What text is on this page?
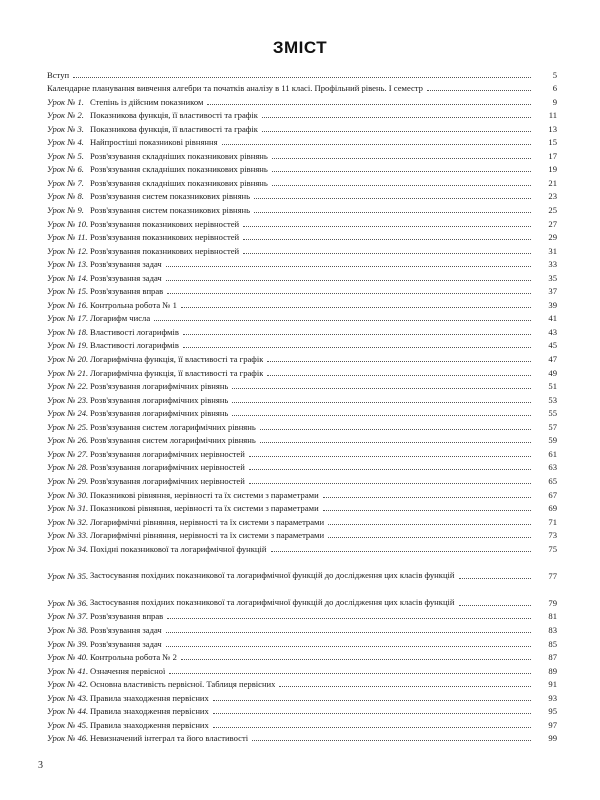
ЗМІСТ
Вступ	5
Календарне планування вивчення алгебри та початків аналізу в 11 класі. Профільний рівень. І семестр	6
Урок № 1. Степінь із дійсним показником	9
Урок № 2. Показникова функція, її властивості та графік	11
Урок № 3. Показникова функція, її властивості та графік	13
Урок № 4. Найпростіші показникові рівняння	15
Урок № 5. Розв'язування складніших показникових рівнянь	17
Урок № 6. Розв'язування складніших показникових рівнянь	19
Урок № 7. Розв'язування складніших показникових рівнянь	21
Урок № 8. Розв'язування систем показникових рівнянь	23
Урок № 9. Розв'язування систем показникових рівнянь	25
Урок № 10. Розв'язування показникових нерівностей	27
Урок № 11. Розв'язування показникових нерівностей	29
Урок № 12. Розв'язування показникових нерівностей	31
Урок № 13. Розв'язування задач	33
Урок № 14. Розв'язування задач	35
Урок № 15. Розв'язування вправ	37
Урок № 16. Контрольна робота № 1	39
Урок № 17. Логарифм числа	41
Урок № 18. Властивості логарифмів	43
Урок № 19. Властивості логарифмів	45
Урок № 20. Логарифмічна функція, її властивості та графік	47
Урок № 21. Логарифмічна функція, її властивості та графік	49
Урок № 22. Розв'язування логарифмічних рівнянь	51
Урок № 23. Розв'язування логарифмічних рівнянь	53
Урок № 24. Розв'язування логарифмічних рівнянь	55
Урок № 25. Розв'язування систем логарифмічних рівнянь	57
Урок № 26. Розв'язування систем логарифмічних рівнянь	59
Урок № 27. Розв'язування логарифмічних нерівностей	61
Урок № 28. Розв'язування логарифмічних нерівностей	63
Урок № 29. Розв'язування логарифмічних нерівностей	65
Урок № 30. Показникові рівняння, нерівності та їх системи з параметрами	67
Урок № 31. Показникові рівняння, нерівності та їх системи з параметрами	69
Урок № 32. Логарифмічні рівняння, нерівності та їх системи з параметрами	71
Урок № 33. Логарифмічні рівняння, нерівності та їх системи з параметрами	73
Урок № 34. Похідні показникової та логарифмічної функцій	75
Урок № 35. Застосування похідних показникової та логарифмічної функцій до дослідження цих класів функцій	77
Урок № 36. Застосування похідних показникової та логарифмічної функцій до дослідження цих класів функцій	79
Урок № 37. Розв'язування вправ	81
Урок № 38. Розв'язування задач	83
Урок № 39. Розв'язування задач	85
Урок № 40. Контрольна робота № 2	87
Урок № 41. Означення первісної	89
Урок № 42. Основна властивість первісної. Таблиця первісних	91
Урок № 43. Правила знаходження первісних	93
Урок № 44. Правила знаходження первісних	95
Урок № 45. Правила знаходження первісних	97
Урок № 46. Невизначений інтеграл та його властивості	99
3
